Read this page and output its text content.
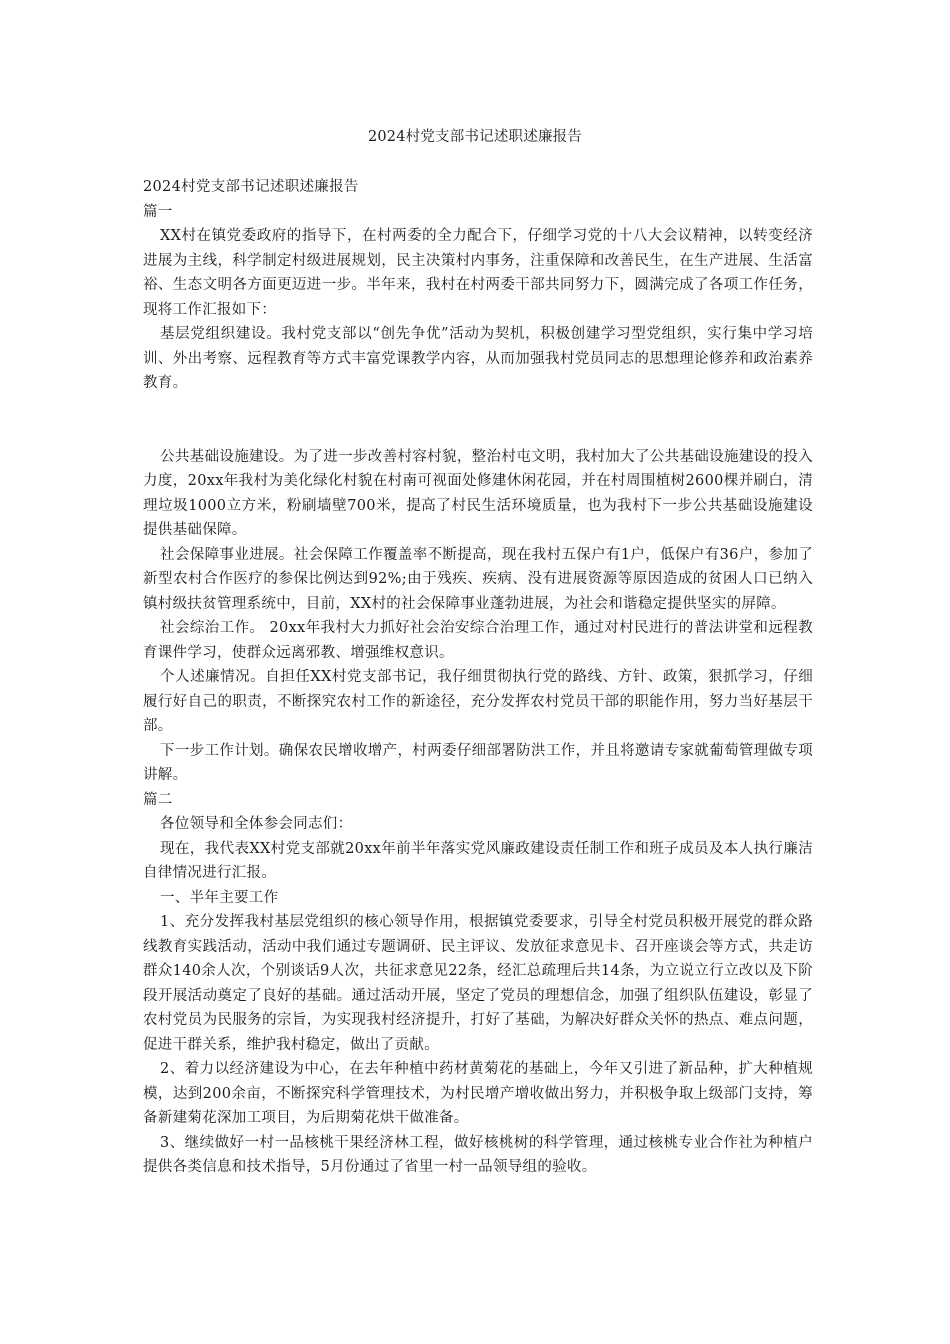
2024村党支部书记述职述廉报告

2024村党支部书记述职述廉报告

篇一

XX村在镇党委政府的指导下，在村两委的全力配合下，仔细学习党的十八大会议精神，以转变经济进展为主线，科学制定村级进展规划，民主决策村内事务，注重保障和改善民生，在生产进展、生活富裕、生态文明各方面更迈进一步。半年来，我村在村两委干部共同努力下，圆满完成了各项工作任务，现将工作汇报如下：

基层党组织建设。我村党支部以“创先争优”活动为契机，积极创建学习型党组织，实行集中学习培训、外出考察、远程教育等方式丰富党课教学内容，从而加强我村党员同志的思想理论修养和政治素养教育。

公共基础设施建设。为了进一步改善村容村貌，整治村屯文明，我村加大了公共基础设施建设的投入力度，20xx年我村为美化绿化村貌在村南可视面处修建休闲花园，并在村周围植树2600棵并刷白，清理垃圾1000立方米，粉刷墙壁700米，提高了村民生活环境质量，也为我村下一步公共基础设施建设提供基础保障。

社会保障事业进展。社会保障工作覆盖率不断提高，现在我村五保户有1户，低保户有36户，参加了新型农村合作医疗的参保比例达到92%;由于残疾、疾病、没有进展资源等原因造成的贫困人口已纳入镇村级扶贫管理系统中，目前，XX村的社会保障事业蓬勃进展，为社会和谐稳定提供坚实的屏障。

社会综治工作。 20xx年我村大力抓好社会治安综合治理工作，通过对村民进行的普法讲堂和远程教育课件学习，使群众远离邪教、增强维权意识。

个人述廉情况。自担任XX村党支部书记，我仔细贯彻执行党的路线、方针、政策，狠抓学习，仔细履行好自己的职责，不断探究农村工作的新途径，充分发挥农村党员干部的职能作用，努力当好基层干部。

下一步工作计划。确保农民增收增产，村两委仔细部署防洪工作，并且将邀请专家就葡萄管理做专项讲解。

篇二

各位领导和全体参会同志们：

现在，我代表XX村党支部就20xx年前半年落实党风廉政建设责任制工作和班子成员及本人执行廉洁自律情况进行汇报。

一、半年主要工作

1、充分发挥我村基层党组织的核心领导作用，根据镇党委要求，引导全村党员积极开展党的群众路线教育实践活动，活动中我们通过专题调研、民主评议、发放征求意见卡、召开座谈会等方式，共走访群众140余人次，个别谈话9人次，共征求意见22条，经汇总疏理后共14条，为立说立行立改以及下阶段开展活动奠定了良好的基础。通过活动开展，坚定了党员的理想信念，加强了组织队伍建设，彰显了农村党员为民服务的宗旨，为实现我村经济提升，打好了基础，为解决好群众关怀的热点、难点问题，促进干群关系，维护我村稳定，做出了贡献。

2、着力以经济建设为中心，在去年种植中药材黄菊花的基础上，今年又引进了新品种，扩大种植规模，达到200余亩，不断探究科学管理技术，为村民增产增收做出努力，并积极争取上级部门支持，筹备新建菊花深加工项目，为后期菊花烘干做准备。

3、继续做好一村一品核桃干果经济林工程，做好核桃树的科学管理，通过核桃专业合作社为种植户提供各类信息和技术指导，5月份通过了省里一村一品领导组的验收。
